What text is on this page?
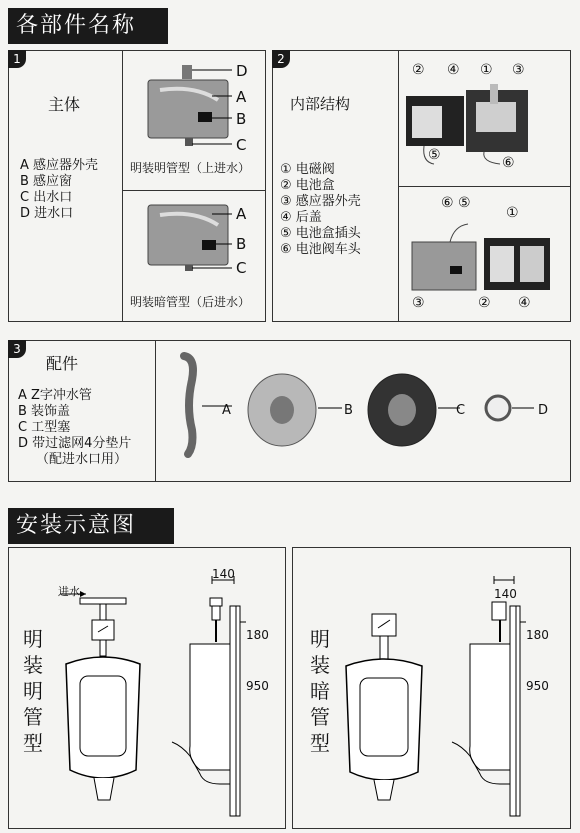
各部件名称
1
主体
A 感应器外壳
B 感应窗
C 出水口
D 进水口
D
A
B
C
明装明管型（上进水）
A
B
C
明装暗管型（后进水）
2
内部结构
① 电磁阀
② 电池盒
③ 感应器外壳
④ 后盖
⑤ 电池盒插头
⑥ 电池阀车头
② ④ ① ③
⑤	⑥
⑥ ⑤
①
③	② ④
3
配件
A Z字冲水管
B 装饰盖
C 工型塞
D 带过滤网4分垫片
（配进水口用）
A	B	C	D
安装示意图
明
装
明
管
型
进水
140
180
950
明
装
暗
管
型
140
180
950
